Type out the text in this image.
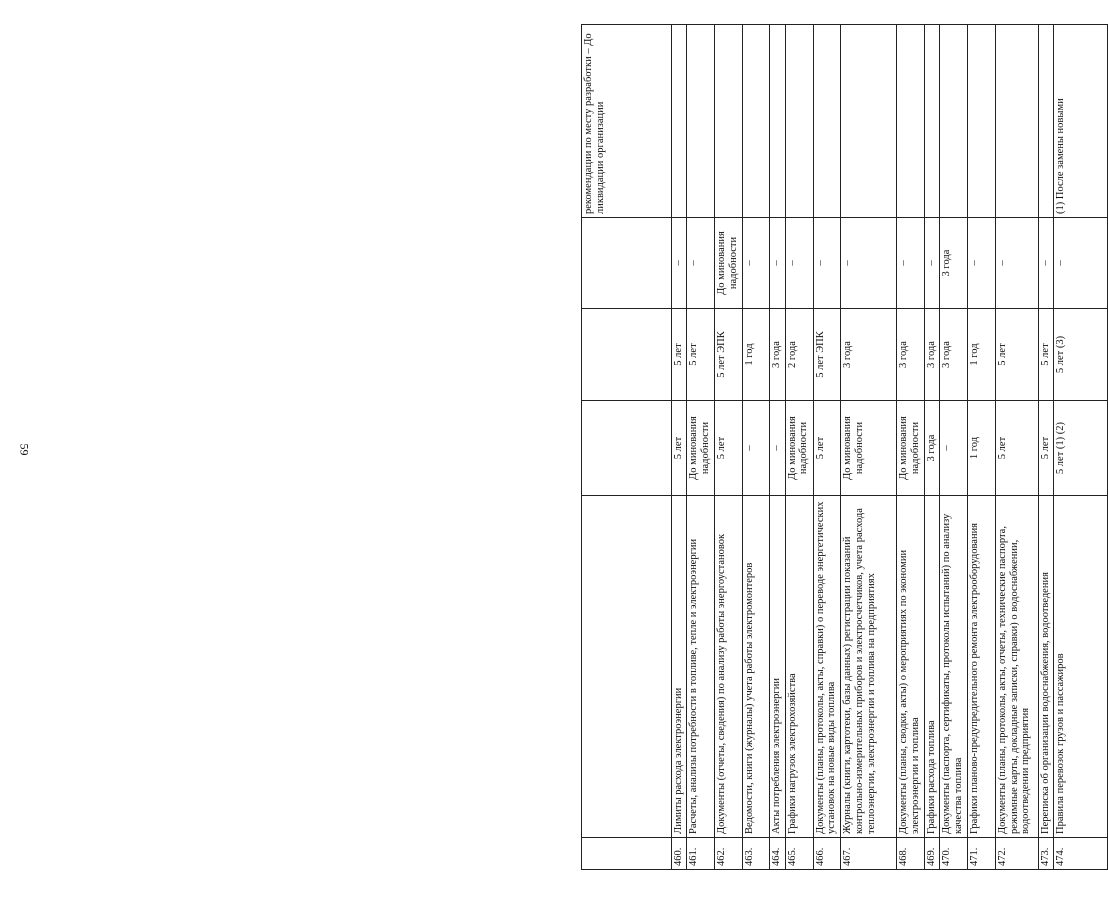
59
					рекомендации по месту разработки – До ликвидации организации
460.	Лимиты расхода электроэнергии	5 лет	5 лет	–	
461.	Расчеты, анализы потребности в топливе, тепле и электроэнергии	До минования надобности	5 лет	–	
462.	Документы (отчеты, сведения) по анализу работы энергоустановок	5 лет	5 лет ЭПК	До минования надобности	
463.	Ведомости, книги (журналы) учета работы электромонтеров	–	1 год	–	
464.	Акты потребления электроэнергии	–	3 года	–	
465.	Графики нагрузок электрохозяйства	До минования надобности	2 года	–	
466.	Документы (планы, протоколы, акты, справки) о переводе энергетических установок на новые виды топлива	5 лет	5 лет ЭПК	–	
467.	Журналы (книги, картотеки, базы данных) регистрации показаний контрольно-измерительных приборов и электросчетчиков, учета расхода теплоэнергии, электроэнергии и топлива на предприятиях	До минования надобности	3 года	–	
468.	Документы (планы, сводки, акты) о мероприятиях по экономии электроэнергии и топлива	До минования надобности	3 года	–	
469.	Графики расхода топлива	3 года	3 года	–	
470.	Документы (паспорта, сертификаты, протоколы испытаний) по анализу качества топлива	–	3 года	3 года	
471.	Графики планово-предупредительного ремонта электрооборудования	1 год	1 год	–	
472.	Документы (планы, протоколы, акты, отчеты, технические паспорта, режимные карты, докладные записки, справки) о водоснабжении, водоотведении предприятия	5 лет	5 лет	–	
473.	Переписка об организации водоснабжения, водоотведения	5 лет	5 лет	–	
474.	Правила перевозок грузов и пассажиров	5 лет (1) (2)	5 лет (3)	–	(1) После замены новыми
